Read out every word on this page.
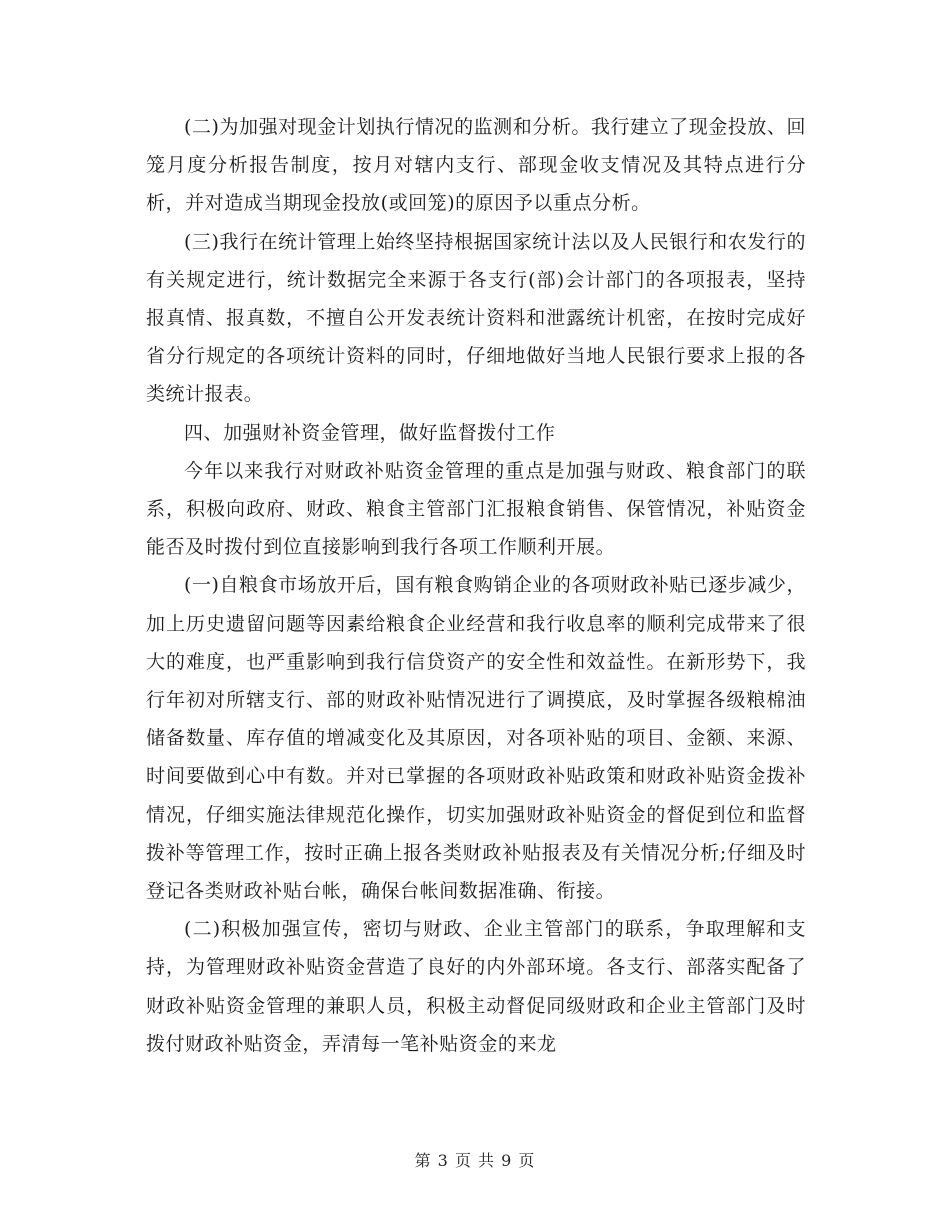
(二)为加强对现金计划执行情况的监测和分析。我行建立了现金投放、回笼月度分析报告制度，按月对辖内支行、部现金收支情况及其特点进行分析，并对造成当期现金投放(或回笼)的原因予以重点分析。

(三)我行在统计管理上始终坚持根据国家统计法以及人民银行和农发行的有关规定进行，统计数据完全来源于各支行(部)会计部门的各项报表，坚持报真情、报真数，不擅自公开发表统计资料和泄露统计机密，在按时完成好省分行规定的各项统计资料的同时，仔细地做好当地人民银行要求上报的各类统计报表。

四、加强财补资金管理，做好监督拨付工作

今年以来我行对财政补贴资金管理的重点是加强与财政、粮食部门的联系，积极向政府、财政、粮食主管部门汇报粮食销售、保管情况，补贴资金能否及时拨付到位直接影响到我行各项工作顺利开展。

(一)自粮食市场放开后，国有粮食购销企业的各项财政补贴已逐步减少，加上历史遗留问题等因素给粮食企业经营和我行收息率的顺利完成带来了很大的难度，也严重影响到我行信贷资产的安全性和效益性。在新形势下，我行年初对所辖支行、部的财政补贴情况进行了调摸底，及时掌握各级粮棉油储备数量、库存值的增减变化及其原因，对各项补贴的项目、金额、来源、时间要做到心中有数。并对已掌握的各项财政补贴政策和财政补贴资金拨补情况，仔细实施法律规范化操作，切实加强财政补贴资金的督促到位和监督拨补等管理工作，按时正确上报各类财政补贴报表及有关情况分析;仔细及时登记各类财政补贴台帐，确保台帐间数据准确、衔接。

(二)积极加强宣传，密切与财政、企业主管部门的联系，争取理解和支持，为管理财政补贴资金营造了良好的内外部环境。各支行、部落实配备了财政补贴资金管理的兼职人员，积极主动督促同级财政和企业主管部门及时拨付财政补贴资金，弄清每一笔补贴资金的来龙

第 3 页 共 9 页
